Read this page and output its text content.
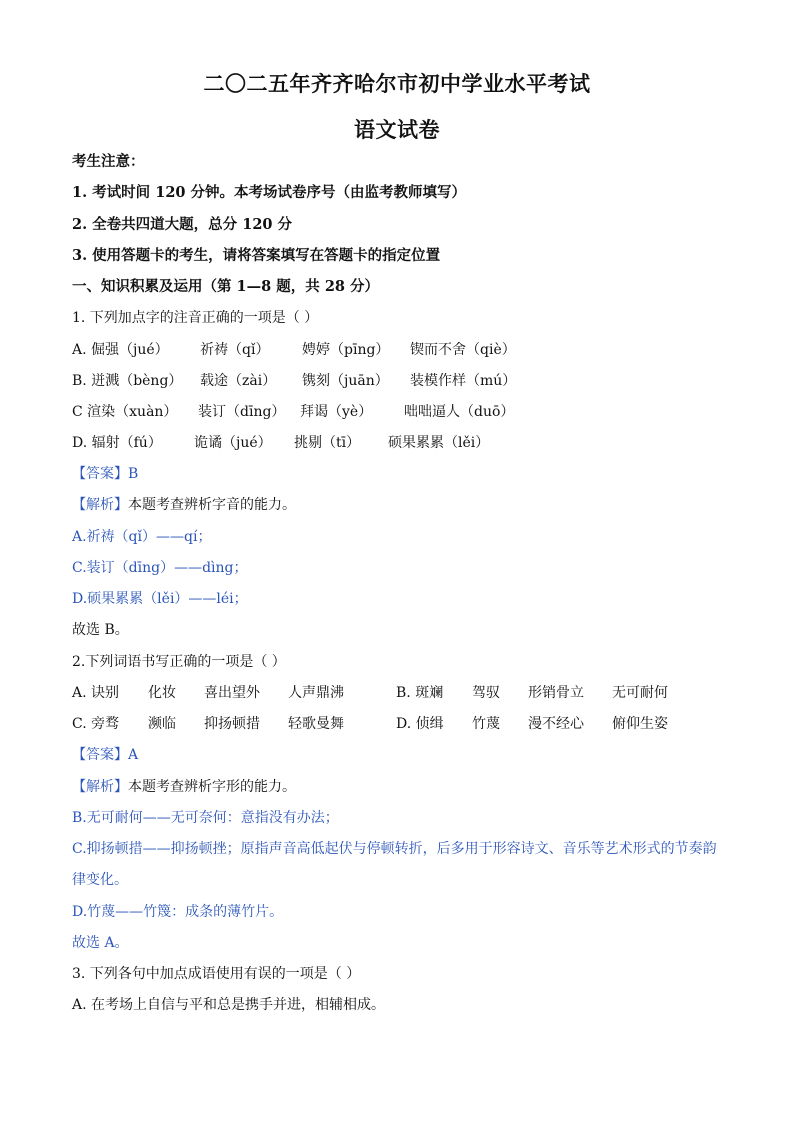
二〇二五年齐齐哈尔市初中学业水平考试
语文试卷
考生注意：
1. 考试时间 120 分钟。本考场试卷序号（由监考教师填写）
2. 全卷共四道大题，总分 120 分
3. 使用答题卡的考生，请将答案填写在答题卡的指定位置
一、知识积累及运用（第 1—8 题，共 28 分）
1. 下列加点字的注音正确的一项是（ ）
A. 倔强（jué） 祈祷（qǐ） 娉婷（pīng） 锲而不舍（qiè）
B. 迸溅（bèng） 载途（zài） 镌刻（juān） 装模作样（mú）
C 渲染（xuàn） 装订（dīng） 拜谒（yè） 咄咄逼人（duō）
D. 辐射（fú） 诡谲（jué） 挑剔（tī） 硕果累累（lěi）
【答案】B
【解析】本题考查辨析字音的能力。
A.祈祷（qǐ）——qí；
C.装订（dīng）——dìng；
D.硕果累累（lěi）——léi；
故选 B。
2.下列词语书写正确的一项是（ ）
A. 诀别 化妆 喜出望外 人声鼎沸	B. 斑斓 驾驭 形销骨立 无可耐何
C. 旁骛 濒临 抑扬顿措 轻歌曼舞	D. 侦缉 竹蔑 漫不经心 俯仰生姿
【答案】A
【解析】本题考查辨析字形的能力。
B.无可耐何——无可奈何：意指没有办法；
C.抑扬顿措——抑扬顿挫；原指声音高低起伏与停顿转折，后多用于形容诗文、音乐等艺术形式的节奏韵
律变化。
D.竹蔑——竹篾：成条的薄竹片。
故选 A。
3. 下列各句中加点成语使用有误的一项是（ ）
A. 在考场上自信与平和总是携手并进，相辅相成。
